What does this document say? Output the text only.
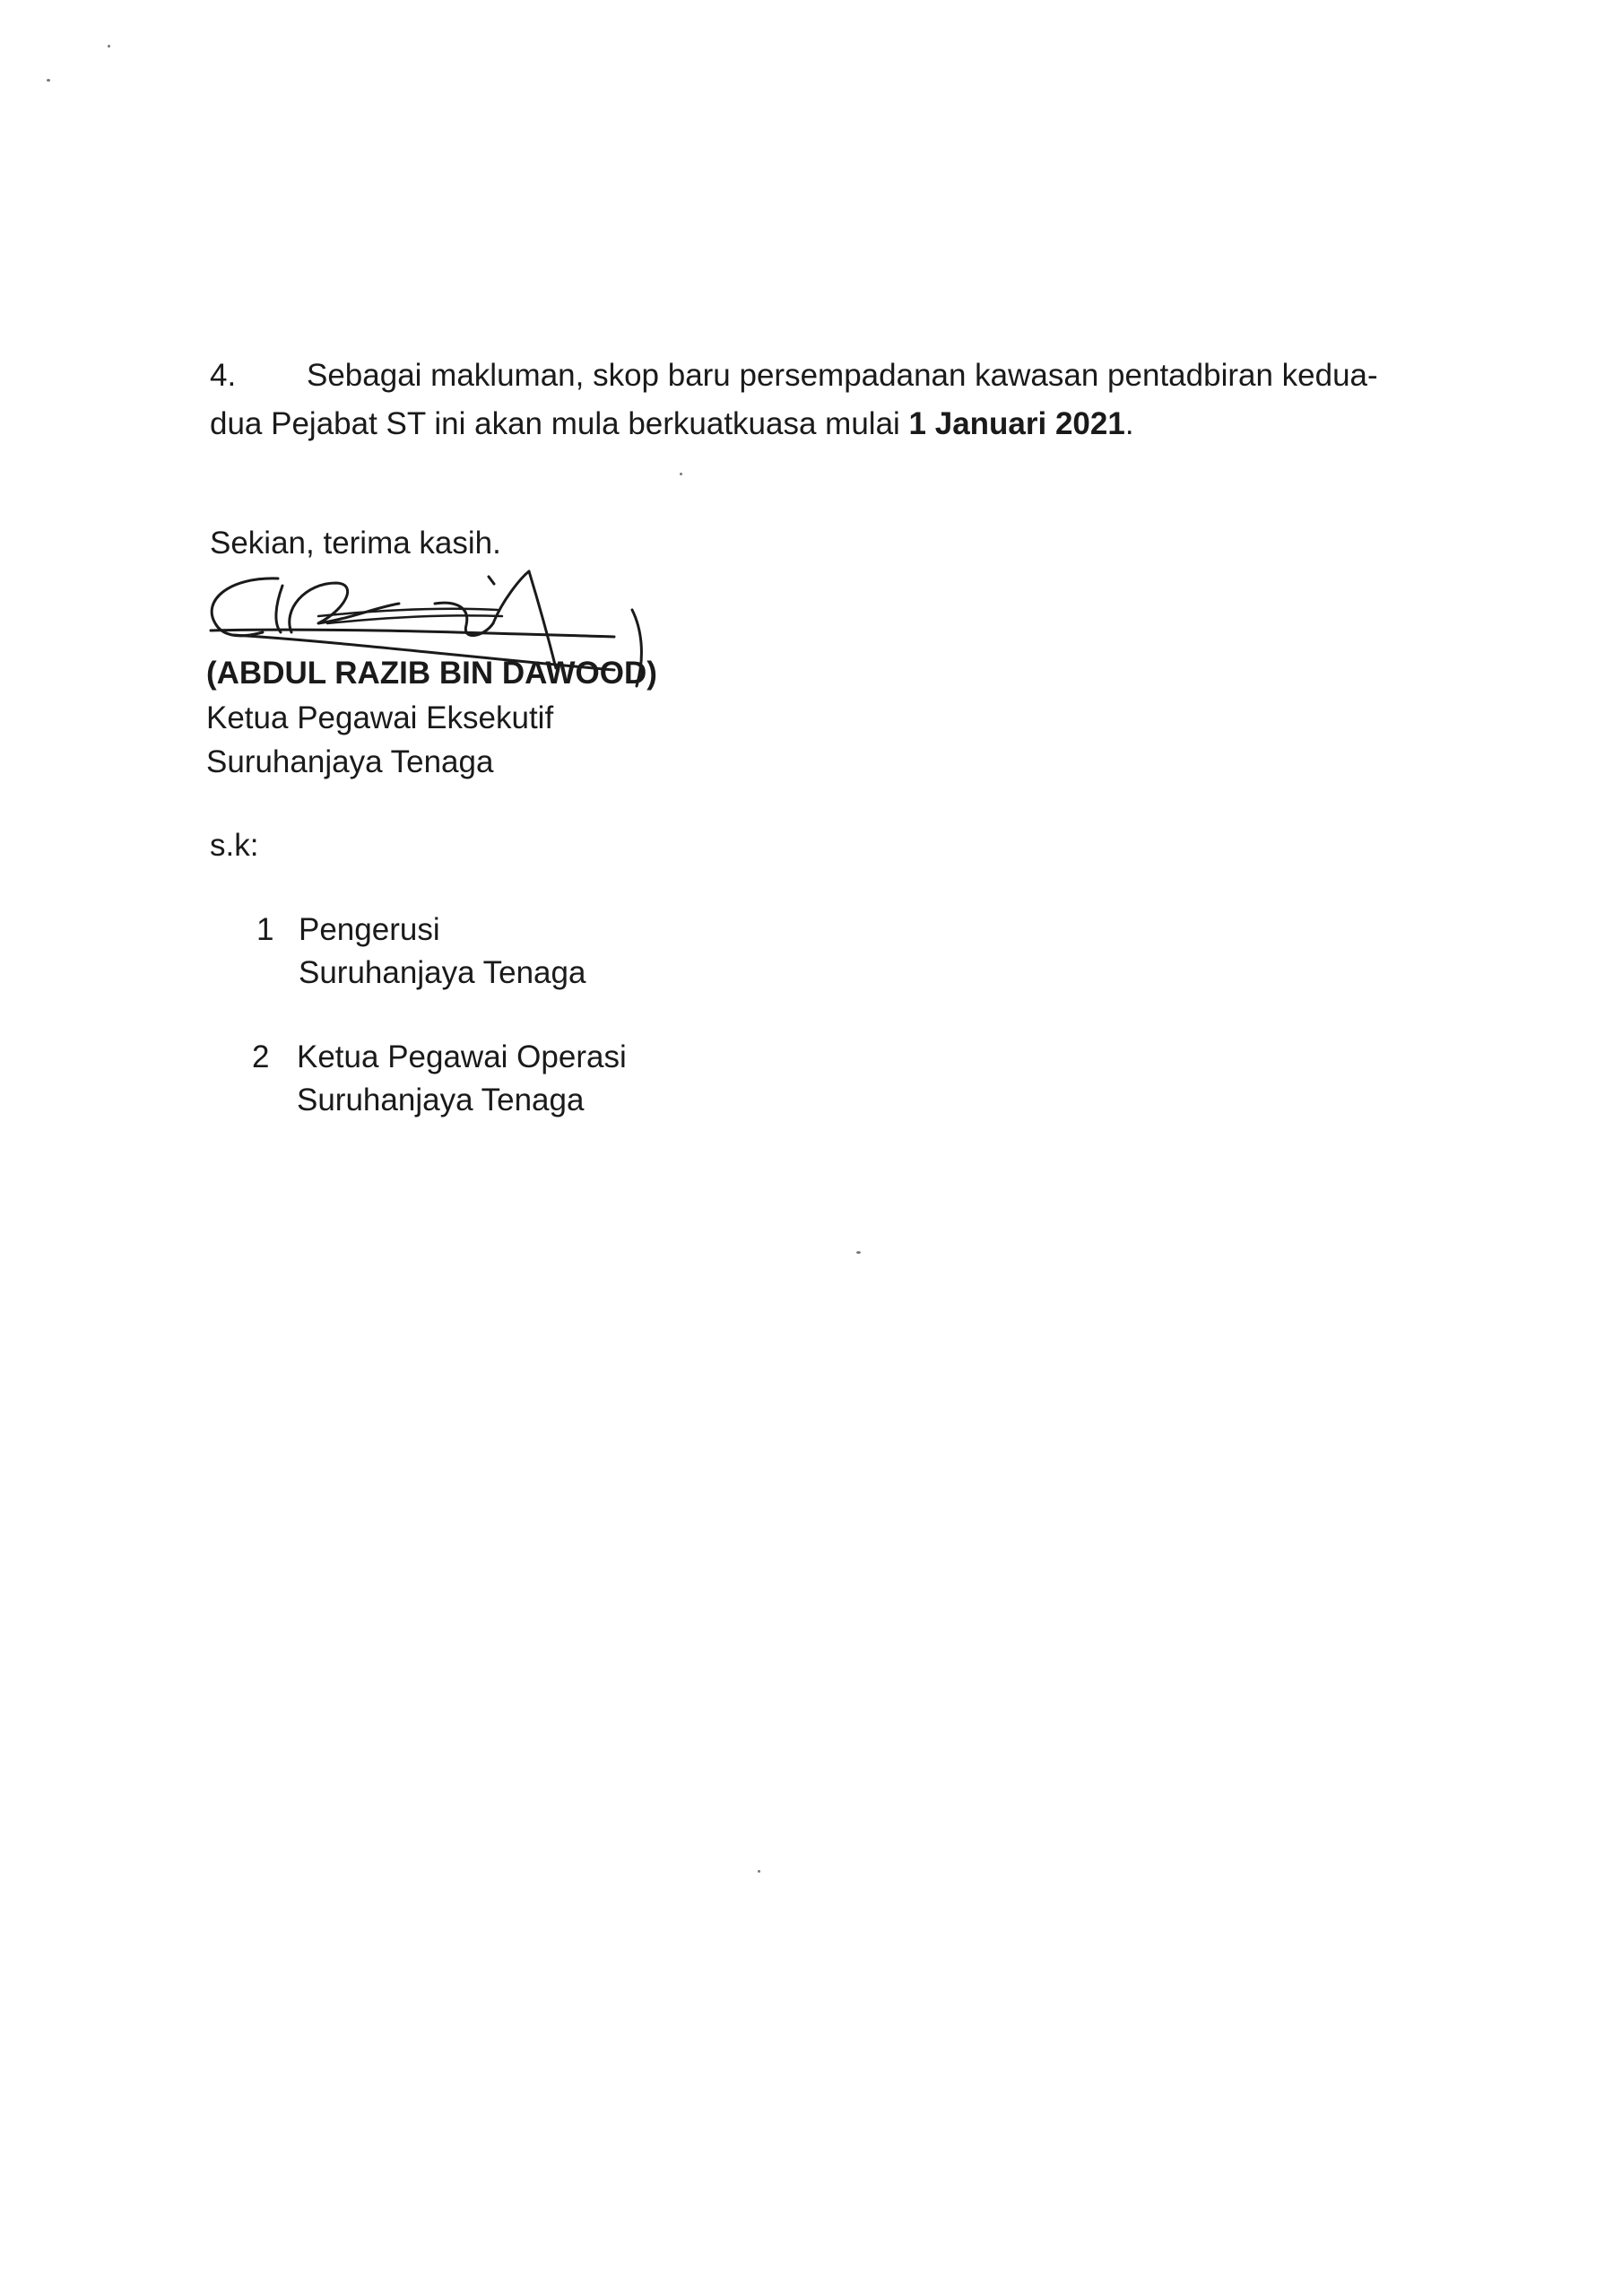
4. Sebagai makluman, skop baru persempadanan kawasan pentadbiran kedua-
dua Pejabat ST ini akan mula berkuatkuasa mulai 1 Januari 2021.
Sekian, terima kasih.
(ABDUL RAZIB BIN DAWOOD)
Ketua Pegawai Eksekutif
Suruhanjaya Tenaga
s.k:
1 Pengerusi
Suruhanjaya Tenaga
2 Ketua Pegawai Operasi
Suruhanjaya Tenaga
